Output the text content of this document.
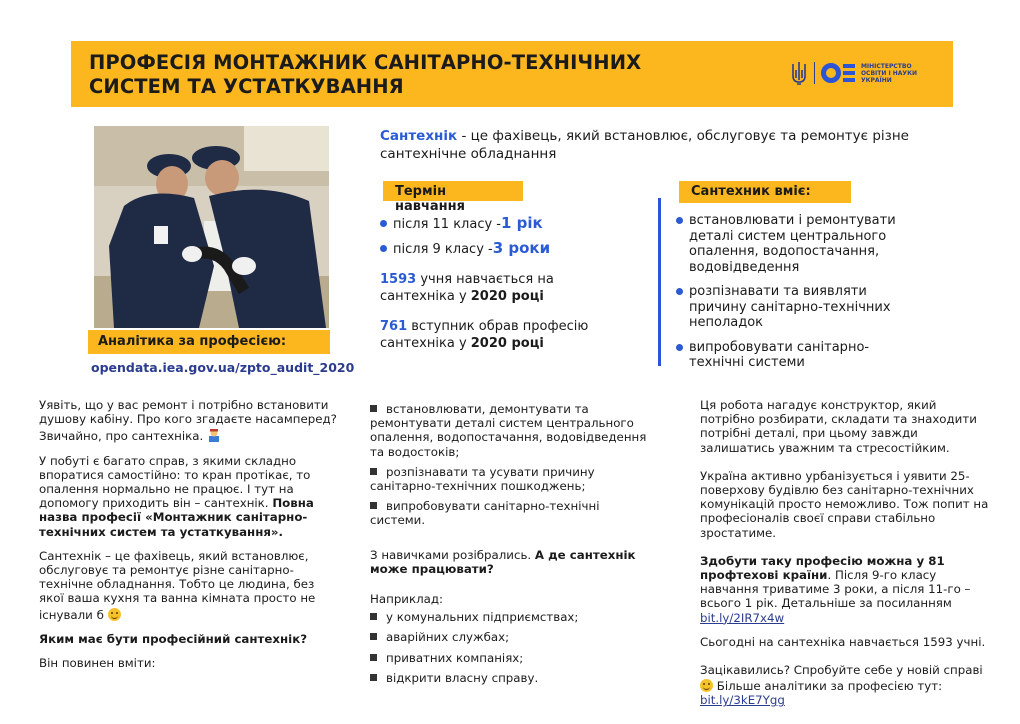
ПРОФЕСІЯ МОНТАЖНИК САНІТАРНО-ТЕХНІЧНИХ
СИСТЕМ ТА УСТАТКУВАННЯ
МІНІСТЕРСТВО
ОСВІТИ І НАУКИ
УКРАЇНИ
Аналітика за професією:
opendata.iea.gov.ua/zpto_audit_2020
Сантехнік - це фахівець, який встановлює, обслуговує та ремонтує різне сантехнічне обладнання
Термін навчання
Сантехник вміє:
після 11 класу - 1 рік
після 9 класу - 3 роки
1593 учня навчається на сантехніка у 2020 році
761 вступник обрав професію сантехніка у 2020 році
встановлювати і ремонтувати деталі систем центрального опалення, водопостачання, водовідведення
розпізнавати та виявляти причину санітарно-технічних неполадок
випробовувати санітарно-технічні системи

Уявіть, що у вас ремонт і потрібно встановити душову кабіну. Про кого згадаєте насамперед? Звичайно, про сантехніка.

У побуті є багато справ, з якими складно впоратися самостійно: то кран протікає, то опалення нормально не працює. І тут на допомогу приходить він – сантехнік. Повна назва професії «Монтажник санітарно-технічних систем та устаткування».

Сантехнік – це фахівець, який встановлює, обслуговує та ремонтує різне санітарно-технічне обладнання. Тобто це людина, без якої ваша кухня та ванна кімната просто не існували б

Яким має бути професійний сантехнік?

Він повинен вміти:

встановлювати, демонтувати та ремонтувати деталі систем центрального опалення, водопостачання, водовідведення та водостоків;
розпізнавати та усувати причину санітарно-технічних пошкоджень;
випробовувати санітарно-технічні системи.

З навичками розібрались. А де сантехнік може працювати?

Наприклад:

у комунальних підприємствах;
аварійних службах;
приватних компаніях;
відкрити власну справу.

Ця робота нагадує конструктор, який потрібно розбирати, складати та знаходити потрібні деталі, при цьому завжди залишатись уважним та стресостійким.

Україна активно урбанізується і уявити 25-поверхову будівлю без санітарно-технічних комунікацій просто неможливо. Тож попит на професіоналів своєї справи стабільно зростатиме.

Здобути таку професію можна у 81 профтехові країни. Після 9-го класу навчання триватиме 3 роки, а після 11-го – всього 1 рік. Детальніше за посиланням bit.ly/2IR7x4w

Сьогодні на сантехніка навчається 1593 учні.

Зацікавились? Спробуйте себе у новій справі  Більше аналітики за професією тут: bit.ly/3kE7Ygg
